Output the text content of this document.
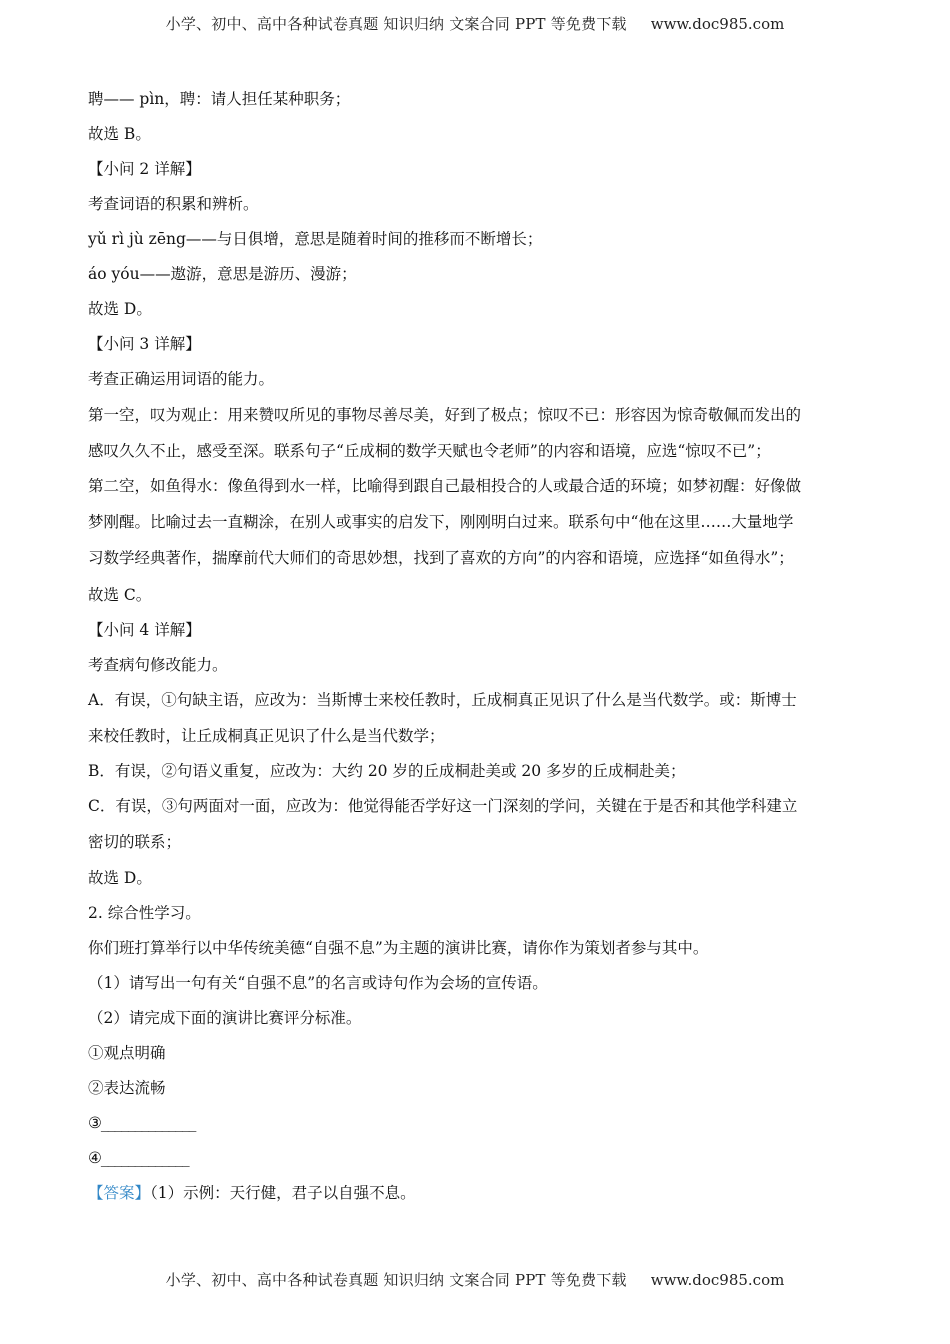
小学、初中、高中各种试卷真题 知识归纳 文案合同 PPT 等免费下载 www.doc985.com

聘—— pìn，聘：请人担任某种职务；

故选 B。

【小问 2 详解】

考查词语的积累和辨析。

yǔ rì jù zēng——与日俱增，意思是随着时间的推移而不断增长；

áo yóu——遨游，意思是游历、漫游；

故选 D。

【小问 3 详解】

考查正确运用词语的能力。

第一空，叹为观止：用来赞叹所见的事物尽善尽美，好到了极点；惊叹不已：形容因为惊奇敬佩而发出的

感叹久久不止，感受至深。联系句子“丘成桐的数学天赋也令老师”的内容和语境，应选“惊叹不已”；

第二空，如鱼得水：像鱼得到水一样，比喻得到跟自己最相投合的人或最合适的环境；如梦初醒：好像做

梦刚醒。比喻过去一直糊涂，在别人或事实的启发下，刚刚明白过来。联系句中“他在这里……大量地学

习数学经典著作，揣摩前代大师们的奇思妙想，找到了喜欢的方向”的内容和语境，应选择“如鱼得水”；

故选 C。

【小问 4 详解】

考查病句修改能力。

A．有误，①句缺主语，应改为：当斯博士来校任教时，丘成桐真正见识了什么是当代数学。或：斯博士

来校任教时，让丘成桐真正见识了什么是当代数学；

B．有误，②句语义重复，应改为：大约 20 岁的丘成桐赴美或 20 多岁的丘成桐赴美；

C．有误，③句两面对一面，应改为：他觉得能否学好这一门深刻的学问，关键在于是否和其他学科建立

密切的联系；

故选 D。

2. 综合性学习。

你们班打算举行以中华传统美德“自强不息”为主题的演讲比赛，请你作为策划者参与其中。

（1）请写出一句有关“自强不息”的名言或诗句作为会场的宣传语。

（2）请完成下面的演讲比赛评分标准。

①观点明确

②表达流畅

③______________

④_____________

【答案】（1）示例：天行健，君子以自强不息。

小学、初中、高中各种试卷真题 知识归纳 文案合同 PPT 等免费下载 www.doc985.com
